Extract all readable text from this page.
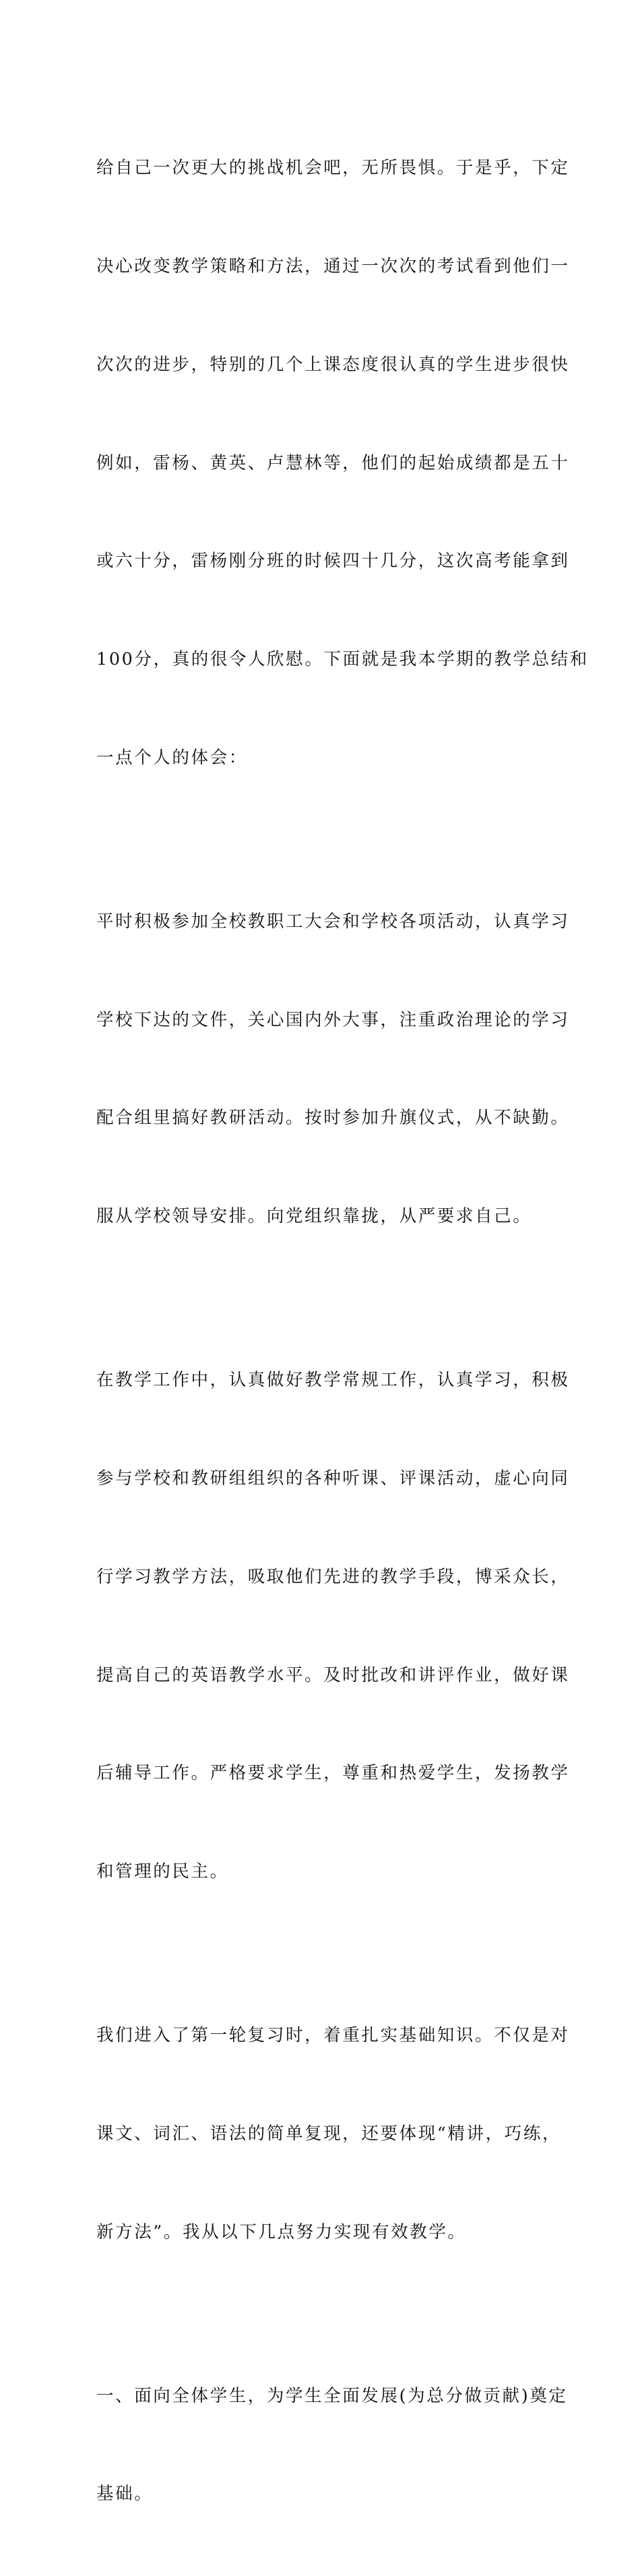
给自己一次更大的挑战机会吧，无所畏惧。于是乎，下定

决心改变教学策略和方法，通过一次次的考试看到他们一

次次的进步，特别的几个上课态度很认真的学生进步很快

例如，雷杨、黄英、卢慧林等，他们的起始成绩都是五十

或六十分，雷杨刚分班的时候四十几分，这次高考能拿到

100分，真的很令人欣慰。下面就是我本学期的教学总结和

一点个人的体会：

平时积极参加全校教职工大会和学校各项活动，认真学习

学校下达的文件，关心国内外大事，注重政治理论的学习

配合组里搞好教研活动。按时参加升旗仪式，从不缺勤。

服从学校领导安排。向党组织靠拢，从严要求自己。

在教学工作中，认真做好教学常规工作，认真学习，积极

参与学校和教研组组织的各种听课、评课活动，虚心向同

行学习教学方法，吸取他们先进的教学手段，博采众长，

提高自己的英语教学水平。及时批改和讲评作业，做好课

后辅导工作。严格要求学生，尊重和热爱学生，发扬教学

和管理的民主。

我们进入了第一轮复习时，着重扎实基础知识。不仅是对

课文、词汇、语法的简单复现，还要体现“精讲，巧练，

新方法”。我从以下几点努力实现有效教学。

一、面向全体学生，为学生全面发展(为总分做贡献)奠定

基础。
